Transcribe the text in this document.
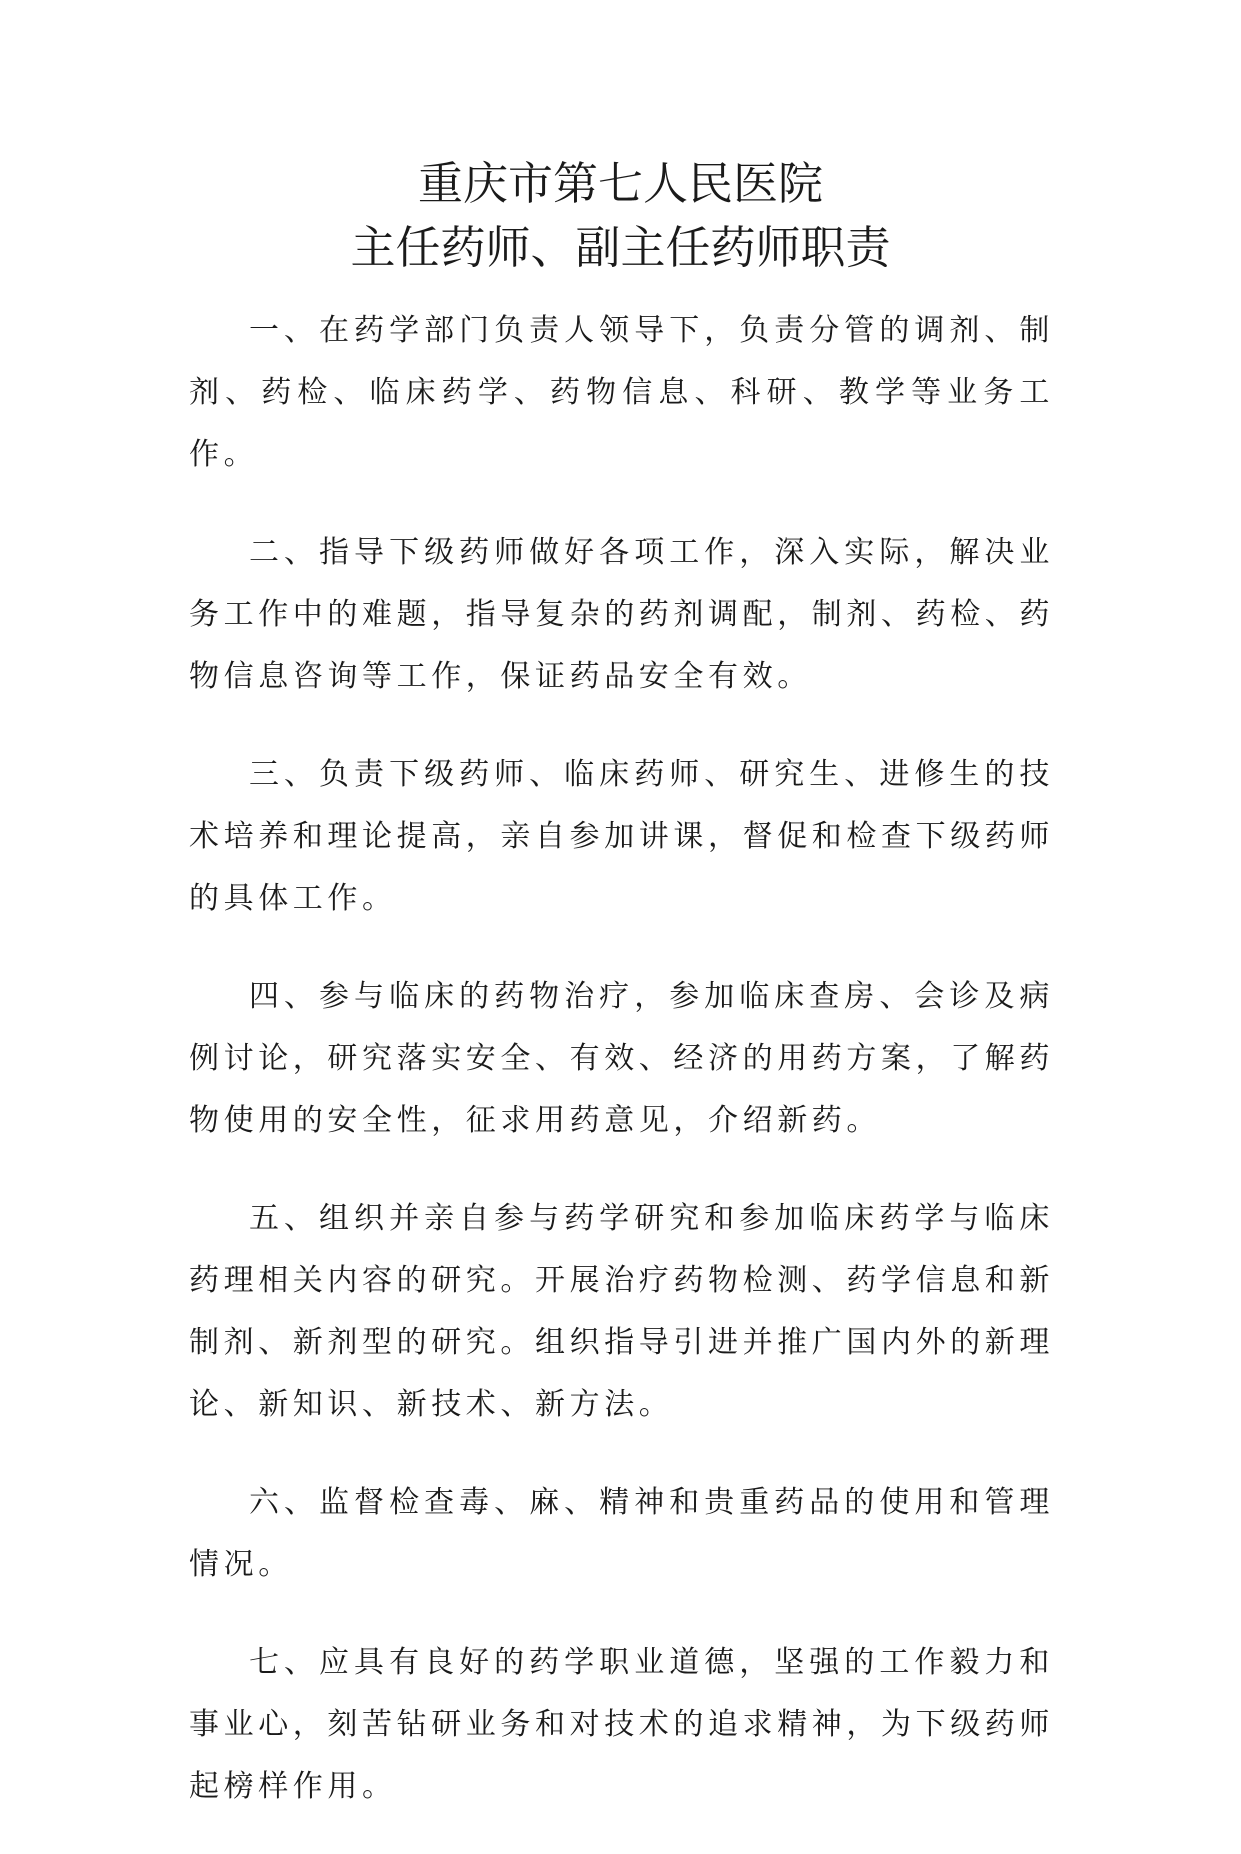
重庆市第七人民医院
主任药师、副主任药师职责

一、在药学部门负责人领导下，负责分管的调剂、制剂、药检、临床药学、药物信息、科研、教学等业务工作。

二、指导下级药师做好各项工作，深入实际，解决业务工作中的难题，指导复杂的药剂调配，制剂、药检、药物信息咨询等工作，保证药品安全有效。

三、负责下级药师、临床药师、研究生、进修生的技术培养和理论提高，亲自参加讲课，督促和检查下级药师的具体工作。

四、参与临床的药物治疗，参加临床查房、会诊及病例讨论，研究落实安全、有效、经济的用药方案，了解药物使用的安全性，征求用药意见，介绍新药。

五、组织并亲自参与药学研究和参加临床药学与临床药理相关内容的研究。开展治疗药物检测、药学信息和新制剂、新剂型的研究。组织指导引进并推广国内外的新理论、新知识、新技术、新方法。

六、监督检查毒、麻、精神和贵重药品的使用和管理情况。

七、应具有良好的药学职业道德，坚强的工作毅力和事业心，刻苦钻研业务和对技术的追求精神，为下级药师起榜样作用。
